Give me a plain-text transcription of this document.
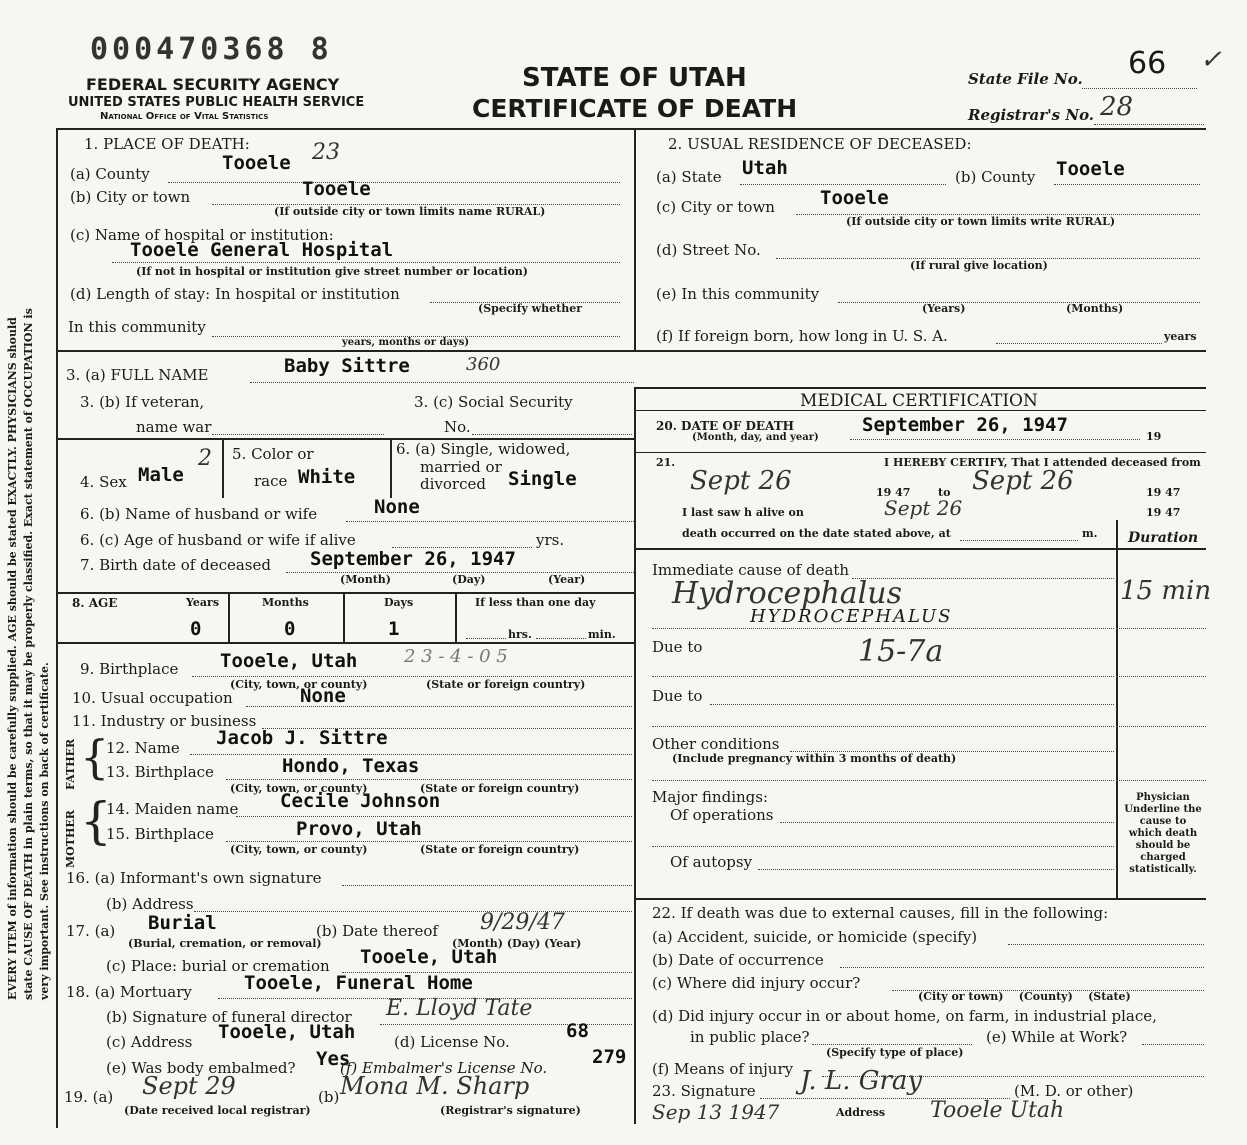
000470368 8
FEDERAL SECURITY AGENCY
UNITED STATES PUBLIC HEALTH SERVICE
National Office of Vital Statistics
STATE OF UTAH
CERTIFICATE OF DEATH
State File No. 66 ✓
Registrar's No. 28
EVERY ITEM of information should be carefully supplied. AGE should be stated EXACTLY. PHYSICIANS should state CAUSE OF DEATH in plain terms, so that it may be properly classified. Exact statement of OCCUPATION is very important. See instructions on back of certificate.
1. PLACE OF DEATH:
(a) County	Tooele 23
(b) City or town	Tooele
(If outside city or town limits name RURAL)
(c) Name of hospital or institution:
Tooele General Hospital
(If not in hospital or institution give street number or location)
(d) Length of stay: In hospital or institution
(Specify whether
In this community
years, months or days)
2. USUAL RESIDENCE OF DECEASED:
(a) State Utah	(b) County Tooele
(c) City or town Tooele
(If outside city or town limits write RURAL)
(d) Street No.
(If rural give location)
(e) In this community
(Years)	(Months)
(f) If foreign born, how long in U. S. A.	years
3. (a) FULL NAME	Baby Sittre	360
3. (b) If veteran,
name war
3. (c) Social Security
No.
4. Sex Male
2 5. Color or
race White
6. (a) Single, widowed,
married or
divorced Single
6. (b) Name of husband or wife	None
6. (c) Age of husband or wife if alive	yrs.
7. Birth date of deceased September 26, 1947
(Month)	(Day)	(Year)
8. AGE	Years	Months	Days	If less than one day
0	0	1	hrs.	min.
9. Birthplace Tooele, Utah	2 3 - 4 - 0 5
(City, town, or county)	(State or foreign country)
10. Usual occupation	None
11. Industry or business
FATHER
MOTHER
{
{
12. Name Jacob J. Sittre
13. Birthplace	Hondo, Texas
(City, town, or county)	(State or foreign country)
14. Maiden name Cecile Johnson
15. Birthplace	Provo, Utah
(City, town, or county)	(State or foreign country)
16. (a) Informant's own signature
(b) Address
17. (a) Burial
(Burial, cremation, or removal)
(b) Date thereof 9/29/47
(Month) (Day) (Year)
(c) Place: burial or cremation Tooele, Utah
18. (a) Mortuary	Tooele, Funeral Home
(b) Signature of funeral director E. Lloyd Tate
(c) Address Tooele, Utah	(d) License No.	68
(e) Was body embalmed? Yes
(f) Embalmer's License No. 279
19. (a) Sept 29
(Date received local registrar)
(b) Mona M. Sharp
(Registrar's signature)
MEDICAL CERTIFICATION
20. DATE OF DEATH
(Month, day, and year)
September 26, 1947
19
21.	I HEREBY CERTIFY, That I attended deceased from
Sept 26	19 47	to Sept 26	19 47
I last saw h alive on	Sept 26	19 47
death occurred on the date stated above, at	m. Duration
Immediate cause of death
Hydrocephalus
HYDROCEPHALUS
15 min
Due to	15-7a
Due to
Other conditions
(Include pregnancy within 3 months of death)
Major findings:
Of operations
Of autopsy
Physician Underline the cause to which death should be charged statistically.
22. If death was due to external causes, fill in the following:
(a) Accident, suicide, or homicide (specify)
(b) Date of occurrence
(c) Where did injury occur?
(City or town)    (County)    (State)
(d) Did injury occur in or about home, on farm, in industrial place,
in public place?
(Specify type of place)
(e) While at Work?
(f) Means of injury
23. Signature J. L. Gray	(M. D. or other)
Sep 13 1947	Address Tooele Utah
